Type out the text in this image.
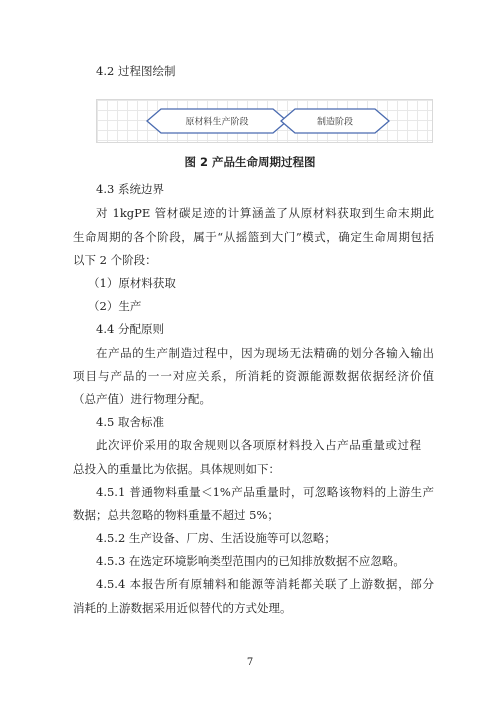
4.2 过程图绘制
原材料生产阶段	制造阶段
图 2 产品生命周期过程图
4.3 系统边界
对 1kgPE 管材碳足迹的计算涵盖了从原材料获取到生命末期此
生命周期的各个阶段，属于“从摇篮到大门”模式，确定生命周期包括
以下 2 个阶段：
（1）原材料获取
（2）生产
4.4 分配原则
在产品的生产制造过程中，因为现场无法精确的划分各输入输出
项目与产品的一一对应关系，所消耗的资源能源数据依据经济价值
（总产值）进行物理分配。
4.5 取舍标准
此次评价采用的取舍规则以各项原材料投入占产品重量或过程
总投入的重量比为依据。具体规则如下：
4.5.1 普通物料重量＜1%产品重量时，可忽略该物料的上游生产
数据；总共忽略的物料重量不超过 5%；
4.5.2 生产设备、厂房、生活设施等可以忽略；
4.5.3 在选定环境影响类型范围内的已知排放数据不应忽略。
4.5.4 本报告所有原辅料和能源等消耗都关联了上游数据，部分
消耗的上游数据采用近似替代的方式处理。
7
